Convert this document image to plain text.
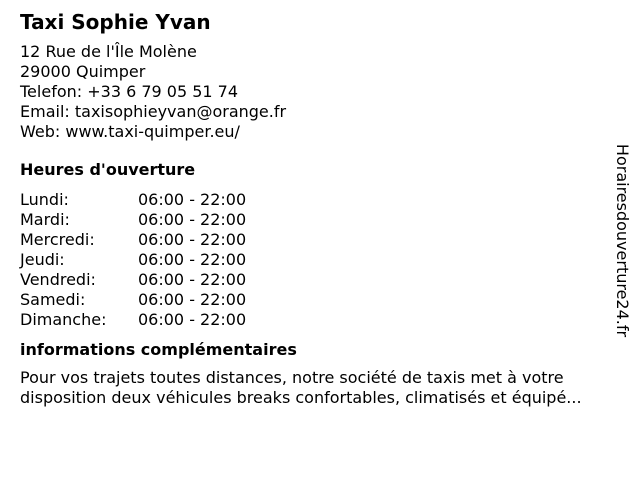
Taxi Sophie Yvan
12 Rue de l'Île Molène
29000 Quimper
Telefon: +33 6 79 05 51 74
Email: taxisophieyvan@orange.fr
Web: www.taxi-quimper.eu/
Heures d'ouverture
Lundi:	06:00 - 22:00
Mardi:	06:00 - 22:00
Mercredi:	06:00 - 22:00
Jeudi:	06:00 - 22:00
Vendredi:	06:00 - 22:00
Samedi:	06:00 - 22:00
Dimanche: 06:00 - 22:00
informations complémentaires
Pour vos trajets toutes distances, notre société de taxis met à votre
disposition deux véhicules breaks confortables, climatisés et équipé...
Horairesdouverture24.fr
